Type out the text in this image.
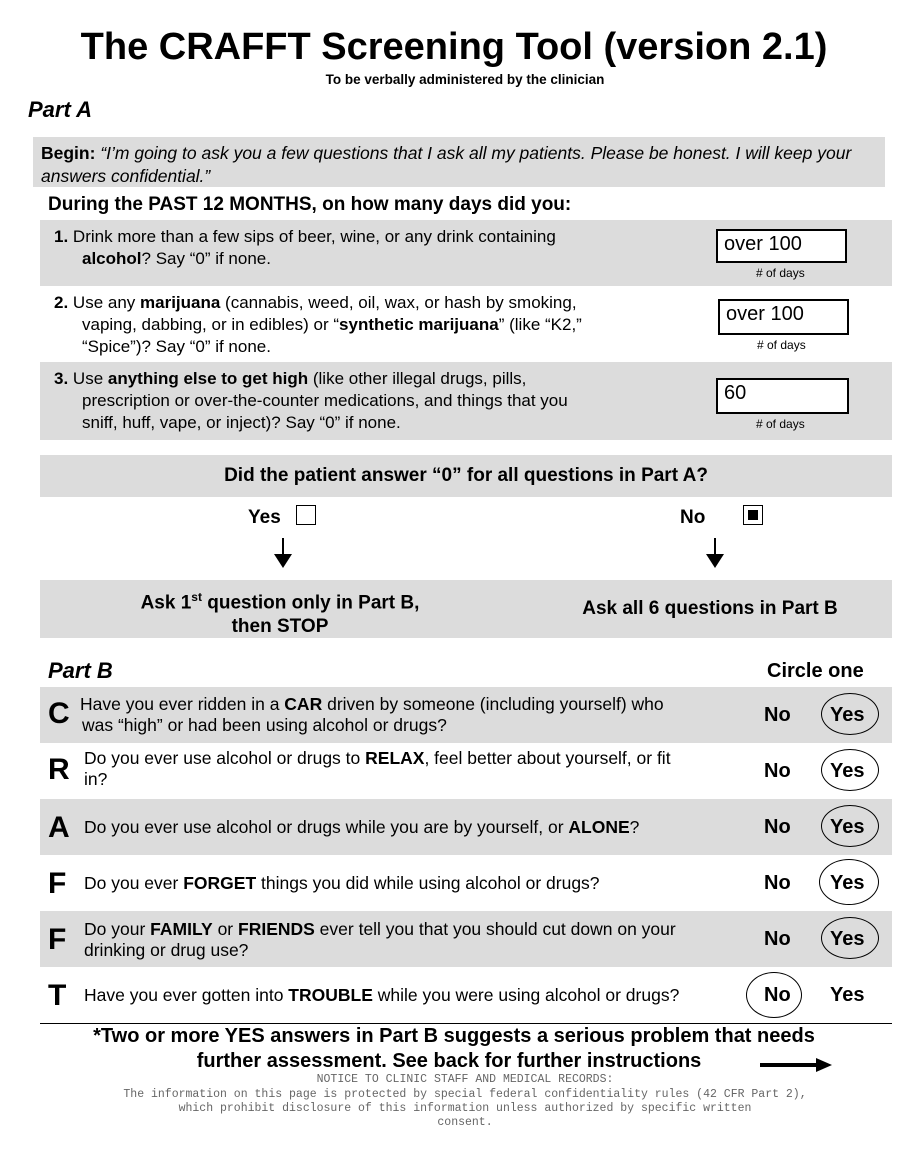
The CRAFFT Screening Tool (version 2.1)
To be verbally administered by the clinician
Part A
Begin: “I’m going to ask you a few questions that I ask all my patients. Please be honest. I will keep your answers confidential.”
During the PAST 12 MONTHS, on how many days did you:
1. Drink more than a few sips of beer, wine, or any drink containing
alcohol? Say “0” if none.
over 100
# of days
2. Use any marijuana (cannabis, weed, oil, wax, or hash by smoking,
vaping, dabbing, or in edibles) or “synthetic marijuana” (like “K2,”
“Spice”)? Say “0” if none.
over 100
# of days
3. Use anything else to get high (like other illegal drugs, pills,
prescription or over-the-counter medications, and things that you
sniff, huff, vape, or inject)? Say “0” if none.
60
# of days
Did the patient answer “0” for all questions in Part A?
Yes	No
Ask 1st question only in Part B,
then STOP
Ask all 6 questions in Part B
Part B	Circle one
C Have you ever ridden in a CAR driven by someone (including yourself) who
was “high” or had been using alcohol or drugs?	No Yes
R Do you ever use alcohol or drugs to RELAX, feel better about yourself, or fit
in?	No Yes
A Do you ever use alcohol or drugs while you are by yourself, or ALONE?	No Yes
F Do you ever FORGET things you did while using alcohol or drugs?	No Yes
F Do your FAMILY or FRIENDS ever tell you that you should cut down on your
drinking or drug use?	No Yes
T Have you ever gotten into TROUBLE while you were using alcohol or drugs?	No Yes
*Two or more YES answers in Part B suggests a serious problem that needs
further assessment. See back for further instructions
NOTICE TO CLINIC STAFF AND MEDICAL RECORDS:
The information on this page is protected by special federal confidentiality rules (42 CFR Part 2),
which prohibit disclosure of this information unless authorized by specific written
consent.
